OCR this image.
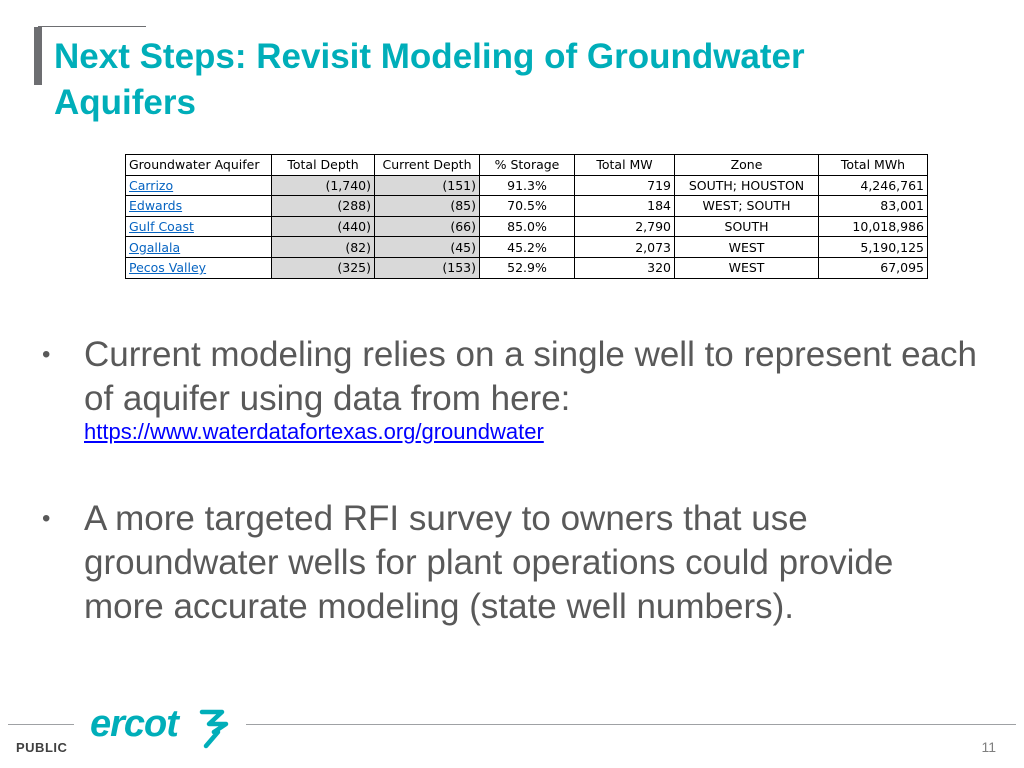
Next Steps: Revisit Modeling of Groundwater Aquifers
Groundwater Aquifer	Total Depth	Current Depth	% Storage	Total MW	Zone	Total MWh
Carrizo	(1,740)	(151)	91.3%	719	SOUTH; HOUSTON	4,246,761
Edwards	(288)	(85)	70.5%	184	WEST; SOUTH	83,001
Gulf Coast	(440)	(66)	85.0%	2,790	SOUTH	10,018,986
Ogallala	(82)	(45)	45.2%	2,073	WEST	5,190,125
Pecos Valley	(325)	(153)	52.9%	320	WEST	67,095
• Current modeling relies on a single well to represent each of aquifer using data from here:
https://www.waterdatafortexas.org/groundwater
• A more targeted RFI survey to owners that use groundwater wells for plant operations could provide more accurate modeling (state well numbers).
PUBLIC
ercot
11
